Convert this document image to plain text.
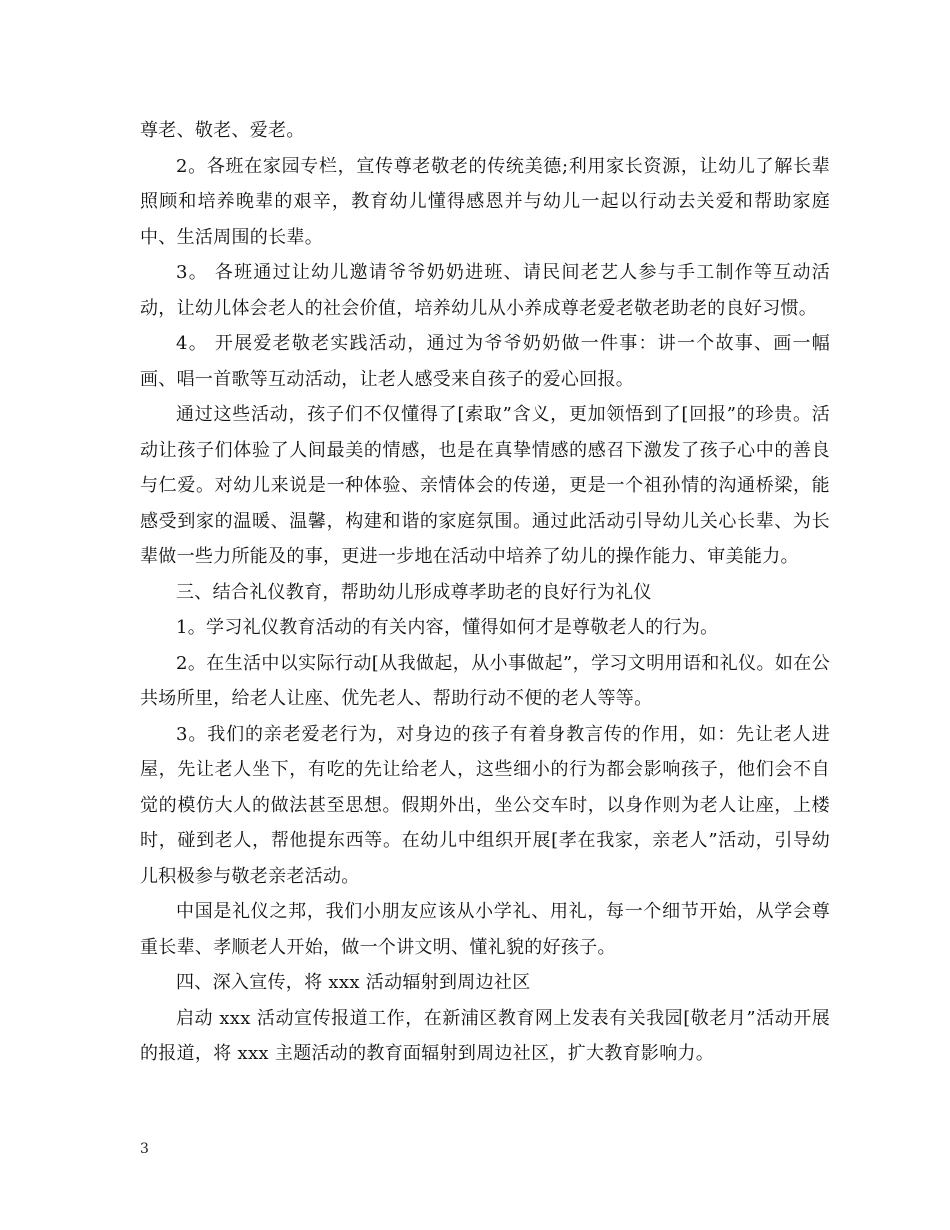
尊老、敬老、爱老。

2。各班在家园专栏，宣传尊老敬老的传统美德;利用家长资源，让幼儿了解长辈照顾和培养晚辈的艰辛，教育幼儿懂得感恩并与幼儿一起以行动去关爱和帮助家庭中、生活周围的长辈。

3。 各班通过让幼儿邀请爷爷奶奶进班、请民间老艺人参与手工制作等互动活动，让幼儿体会老人的社会价值，培养幼儿从小养成尊老爱老敬老助老的良好习惯。

4。 开展爱老敬老实践活动，通过为爷爷奶奶做一件事：讲一个故事、画一幅画、唱一首歌等互动活动，让老人感受来自孩子的爱心回报。

通过这些活动，孩子们不仅懂得了[索取”含义，更加领悟到了[回报”的珍贵。活动让孩子们体验了人间最美的情感，也是在真挚情感的感召下激发了孩子心中的善良与仁爱。对幼儿来说是一种体验、亲情体会的传递，更是一个祖孙情的沟通桥梁，能感受到家的温暖、温馨，构建和谐的家庭氛围。通过此活动引导幼儿关心长辈、为长辈做一些力所能及的事，更进一步地在活动中培养了幼儿的操作能力、审美能力。

三、结合礼仪教育，帮助幼儿形成尊孝助老的良好行为礼仪

1。学习礼仪教育活动的有关内容，懂得如何才是尊敬老人的行为。

2。在生活中以实际行动[从我做起，从小事做起”，学习文明用语和礼仪。如在公共场所里，给老人让座、优先老人、帮助行动不便的老人等等。

3。我们的亲老爱老行为，对身边的孩子有着身教言传的作用，如：先让老人进屋，先让老人坐下，有吃的先让给老人，这些细小的行为都会影响孩子，他们会不自觉的模仿大人的做法甚至思想。假期外出，坐公交车时，以身作则为老人让座，上楼时，碰到老人，帮他提东西等。在幼儿中组织开展[孝在我家，亲老人”活动，引导幼儿积极参与敬老亲老活动。

中国是礼仪之邦，我们小朋友应该从小学礼、用礼，每一个细节开始，从学会尊重长辈、孝顺老人开始，做一个讲文明、懂礼貌的好孩子。

四、深入宣传，将 xxx 活动辐射到周边社区

启动 xxx 活动宣传报道工作，在新浦区教育网上发表有关我园[敬老月”活动开展的报道，将 xxx 主题活动的教育面辐射到周边社区，扩大教育影响力。

3
